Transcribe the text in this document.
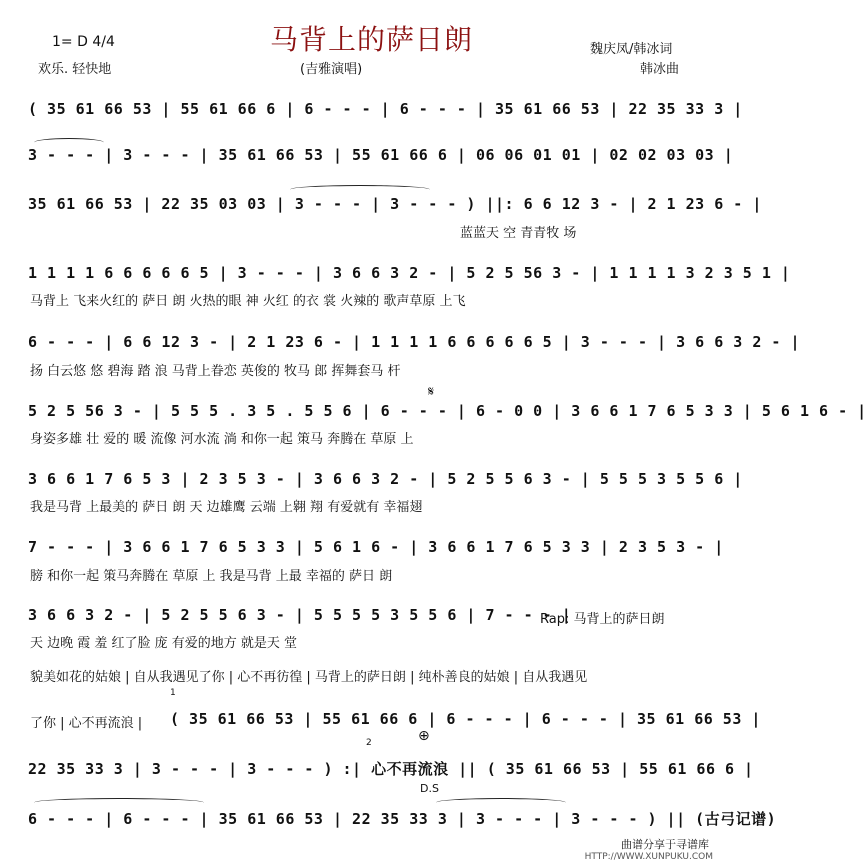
马背上的萨日朗
1= D 4/4
欢乐. 轻快地	(吉雅演唱)
魏庆凤/韩冰词
韩冰曲
( 35 61 66 53 | 55 61 66 6 | 6 - - - | 6 - - - | 35 61 66 53 | 22 35 33 3 |
3 - - - | 3 - - - | 35 61 66 53 | 55 61 66 6 | 06 06 01 01 | 02 02 03 03 |
35 61 66 53 | 22 35 03 03 | 3 - - - | 3 - - - ) ||: 6 6 12 3 - | 2 1 23 6 - |
蓝蓝天 空 青青牧 场
1 1 1 1 6 6 6 6 6 5 | 3 - - - | 3 6 6 3 2 - | 5 2 5 56 3 - | 1 1 1 1 3 2 3 5 1 |
马背上 飞来火红的 萨日 朗 火热的眼 神 火红 的衣 裳 火辣的 歌声草原 上飞
6 - - - | 6 6 12 3 - | 2 1 23 6 - | 1 1 1 1 6 6 6 6 6 5 | 3 - - - | 3 6 6 3 2 - |
扬 白云悠 悠 碧海 踏 浪 马背上眷恋 英俊的 牧马 郎 挥舞套马 杆
5 2 5 56 3 - | 5 5 5 . 3 5 . 5 5 6 | 6 - - - | 6 - 0 0 | 3 6 6 1 7 6 5 3 3 | 5 6 1 6 - |
身姿多雄 壮 爱的 暖 流像 河水流 淌 和你一起 策马 奔腾在 草原 上
3 6 6 1 7 6 5 3 | 2 3 5 3 - | 3 6 6 3 2 - | 5 2 5 5 6 3 - | 5 5 5 3 5 5 6 |
我是马背 上最美的 萨日 朗 天 边雄鹰 云端 上翱 翔 有爱就有 幸福翅
7 - - - | 3 6 6 1 7 6 5 3 3 | 5 6 1 6 - | 3 6 6 1 7 6 5 3 3 | 2 3 5 3 - |
膀 和你一起 策马奔腾在 草原 上 我是马背 上最 幸福的 萨日 朗
3 6 6 3 2 - | 5 2 5 5 6 3 - | 5 5 5 5 3 5 5 6 | 7 - - - |
Rap: 马背上的萨日朗
天 边晚 霞 羞 红了脸 庞 有爱的地方 就是天 堂
貌美如花的姑娘 | 自从我遇见了你 | 心不再彷徨 | 马背上的萨日朗 | 纯朴善良的姑娘 | 自从我遇见
了你 | 心不再流浪 |	( 35 61 66 53 | 55 61 66 6 | 6 - - - | 6 - - - | 35 61 66 53 |
22 35 33 3 | 3 - - - | 3 - - - ) :| 心不再流浪 || ( 35 61 66 53 | 55 61 66 6 |
6 - - - | 6 - - - | 35 61 66 53 | 22 35 33 3 | 3 - - - | 3 - - - ) || (古弓记谱)
1
2
D.S
⊕
𝄋
曲谱分享于寻谱库
HTTP://WWW.XUNPUKU.COM
